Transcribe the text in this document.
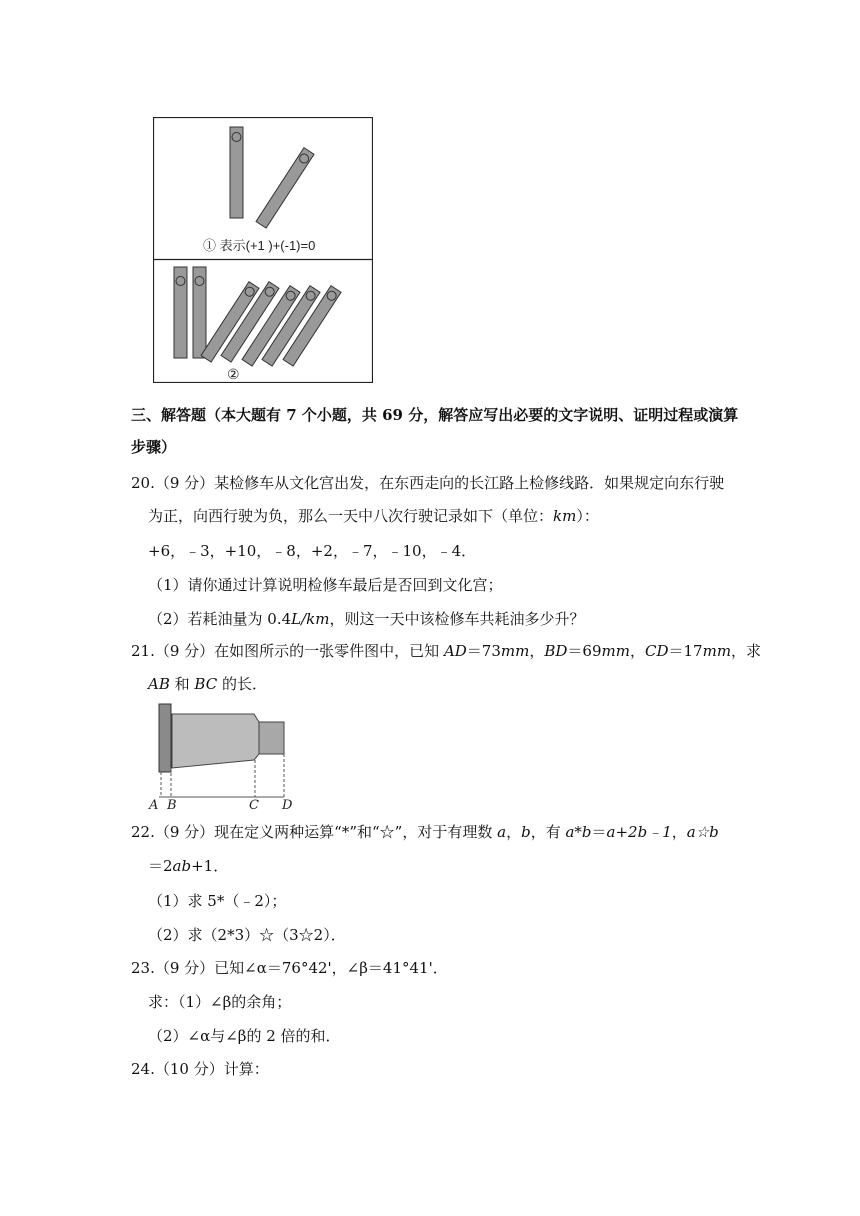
① 表示(+1 )+(-1)=0
②
三、解答题（本大题有 7 个小题，共 69 分，解答应写出必要的文字说明、证明过程或演算
步骤）
20.（9 分）某检修车从文化宫出发，在东西走向的长江路上检修线路．如果规定向东行驶
为正，向西行驶为负，那么一天中八次行驶记录如下（单位：km）：
+6，﹣3，+10，﹣8，+2，﹣7，﹣10，﹣4．
（1）请你通过计算说明检修车最后是否回到文化宫；
（2）若耗油量为 0.4L/km，则这一天中该检修车共耗油多少升？
21.（9 分）在如图所示的一张零件图中，已知 AD＝73mm，BD＝69mm，CD＝17mm，求
AB 和 BC 的长．
A B	C D
22.（9 分）现在定义两种运算“*”和“☆”，对于有理数 a，b，有 a*b＝a+2b﹣1，a☆b
＝2ab+1．
（1）求 5*（﹣2）；
（2）求（2*3）☆（3☆2）．
23.（9 分）已知∠α＝76°42'，∠β＝41°41'．
求：（1）∠β的余角；
（2）∠α与∠β的 2 倍的和．
24.（10 分）计算：
